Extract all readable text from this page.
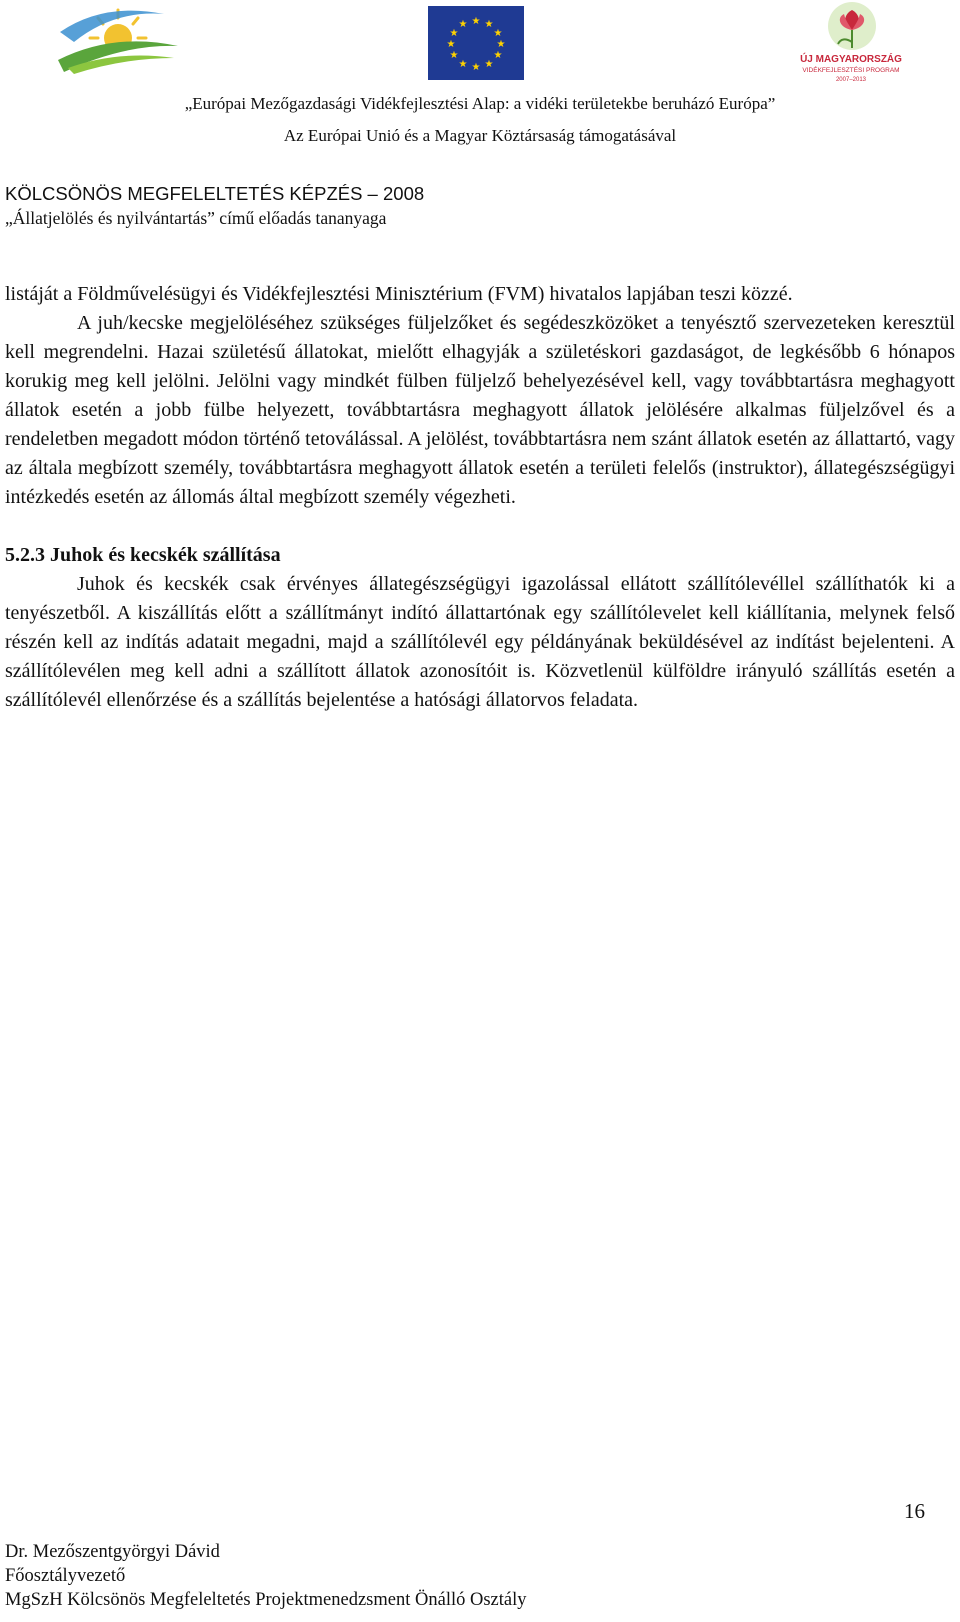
★ ★
★
★
★
★
★
★
★
★
★
★
ÚJ MAGYARORSZÁG
VIDÉKFEJLESZTÉSI PROGRAM
2007–2013
„Európai Mezőgazdasági Vidékfejlesztési Alap: a vidéki területekbe beruházó Európa”
Az Európai Unió és a Magyar Köztársaság támogatásával
KÖLCSÖNÖS MEGFELELTETÉS KÉPZÉS – 2008
„Állatjelölés és nyilvántartás” című előadás tananyaga

listáját a Földművelésügyi és Vidékfejlesztési Minisztérium (FVM) hivatalos lapjában teszi közzé.

A juh/kecske megjelöléséhez szükséges füljelzőket és segédeszközöket a tenyésztő szervezeteken keresztül kell megrendelni. Hazai születésű állatokat, mielőtt elhagyják a születéskori gazdaságot, de legkésőbb 6 hónapos korukig meg kell jelölni. Jelölni vagy mindkét fülben füljelző behelyezésével kell, vagy továbbtartásra meghagyott állatok esetén a jobb fülbe helyezett, továbbtartásra meghagyott állatok jelölésére alkalmas füljelzővel és a rendeletben megadott módon történő tetoválással. A jelölést, továbbtartásra nem szánt állatok esetén az állattartó, vagy az általa megbízott személy, továbbtartásra meghagyott állatok esetén a területi felelős (instruktor), állategészségügyi intézkedés esetén az állomás által megbízott személy végezheti.

5.2.3 Juhok és kecskék szállítása

Juhok és kecskék csak érvényes állategészségügyi igazolással ellátott szállítólevéllel szállíthatók ki a tenyészetből. A kiszállítás előtt a szállítmányt indító állattartónak egy szállítólevelet kell kiállítania, melynek felső részén kell az indítás adatait megadni, majd a szállítólevél egy példányának beküldésével az indítást bejelenteni. A szállítólevélen meg kell adni a szállított állatok azonosítóit is. Közvetlenül külföldre irányuló szállítás esetén a szállítólevél ellenőrzése és a szállítás bejelentése a hatósági állatorvos feladata.

16
Dr. Mezőszentgyörgyi Dávid
Főosztályvezető
MgSzH Kölcsönös Megfeleltetés Projektmenedzsment Önálló Osztály
